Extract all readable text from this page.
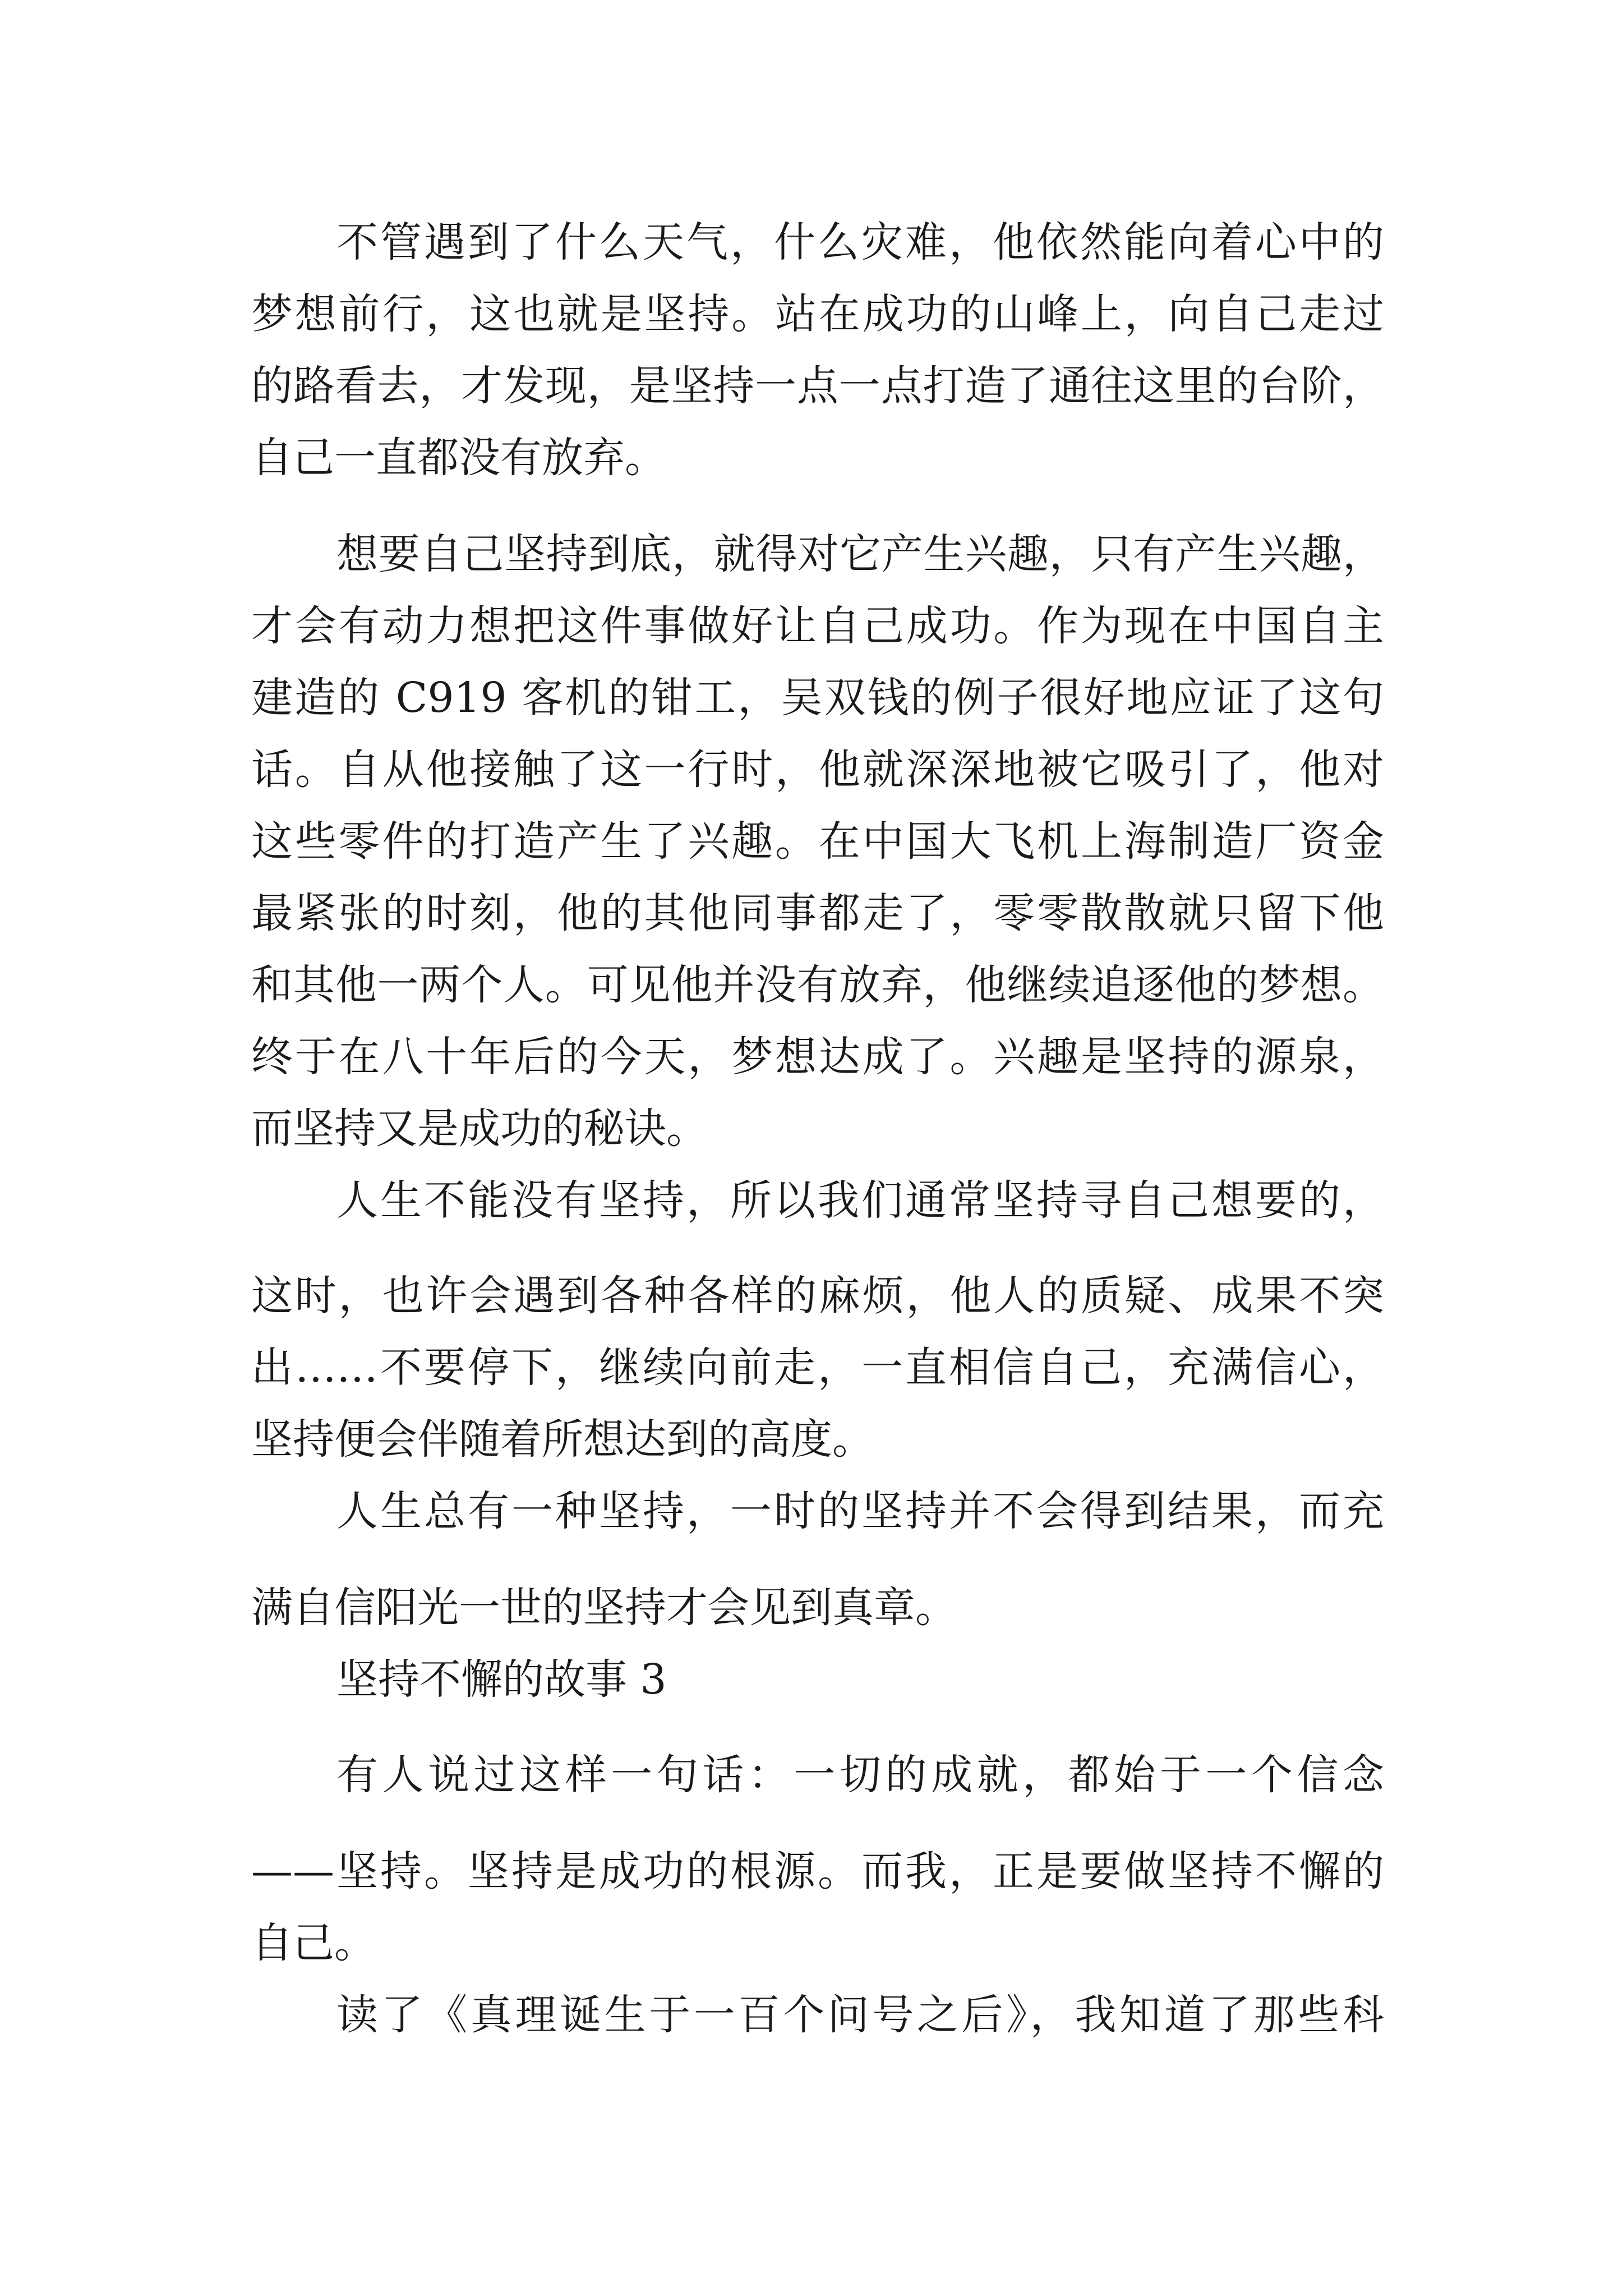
不管遇到了什么天气，什么灾难，他依然能向着心中的
梦想前行，这也就是坚持。站在成功的山峰上，向自己走过
的路看去，才发现，是坚持一点一点打造了通往这里的台阶，
自己一直都没有放弃。
想要自己坚持到底，就得对它产生兴趣，只有产生兴趣，
才会有动力想把这件事做好让自己成功。作为现在中国自主
建造的 C919 客机的钳工，吴双钱的例子很好地应证了这句
话。自从他接触了这一行时，他就深深地被它吸引了，他对
这些零件的打造产生了兴趣。在中国大飞机上海制造厂资金
最紧张的时刻，他的其他同事都走了，零零散散就只留下他
和其他一两个人。可见他并没有放弃，他继续追逐他的梦想。
终于在八十年后的今天，梦想达成了。兴趣是坚持的源泉，
而坚持又是成功的秘诀。
人生不能没有坚持，所以我们通常坚持寻自己想要的，
这时，也许会遇到各种各样的麻烦，他人的质疑、成果不突
出……不要停下，继续向前走，一直相信自己，充满信心，
坚持便会伴随着所想达到的高度。
人生总有一种坚持，一时的坚持并不会得到结果，而充
满自信阳光一世的坚持才会见到真章。
坚持不懈的故事 3
有人说过这样一句话：一切的成就，都始于一个信念
——坚持。坚持是成功的根源。而我，正是要做坚持不懈的
自己。
读了《真理诞生于一百个问号之后》，我知道了那些科
